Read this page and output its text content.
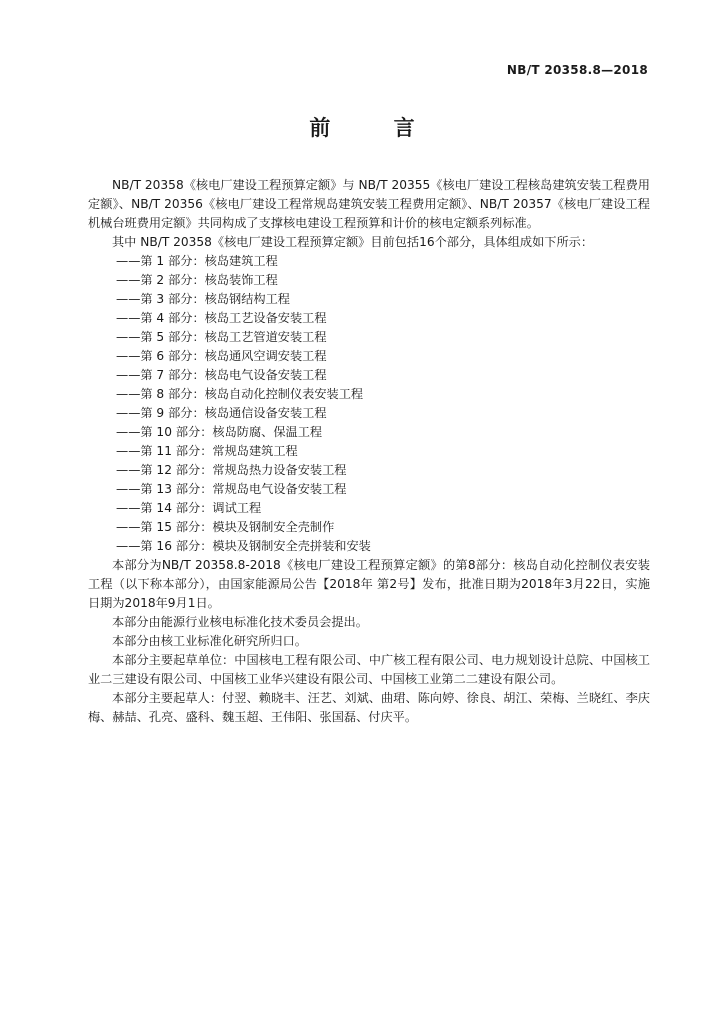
NB/T 20358.8—2018
前 言

NB/T 20358《核电厂建设工程预算定额》与 NB/T 20355《核电厂建设工程核岛建筑安装工程费用定额》、NB/T 20356《核电厂建设工程常规岛建筑安装工程费用定额》、NB/T 20357《核电厂建设工程机械台班费用定额》共同构成了支撑核电建设工程预算和计价的核电定额系列标准。

其中 NB/T 20358《核电厂建设工程预算定额》目前包括16个部分，具体组成如下所示：

——第 1 部分：核岛建筑工程
——第 2 部分：核岛装饰工程
——第 3 部分：核岛钢结构工程
——第 4 部分：核岛工艺设备安装工程
——第 5 部分：核岛工艺管道安装工程
——第 6 部分：核岛通风空调安装工程
——第 7 部分：核岛电气设备安装工程
——第 8 部分：核岛自动化控制仪表安装工程
——第 9 部分：核岛通信设备安装工程
——第 10 部分：核岛防腐、保温工程
——第 11 部分：常规岛建筑工程
——第 12 部分：常规岛热力设备安装工程
——第 13 部分：常规岛电气设备安装工程
——第 14 部分：调试工程
——第 15 部分：模块及钢制安全壳制作
——第 16 部分：模块及钢制安全壳拼装和安装

本部分为NB/T 20358.8-2018《核电厂建设工程预算定额》的第8部分：核岛自动化控制仪表安装工程（以下称本部分），由国家能源局公告【2018年 第2号】发布，批准日期为2018年3月22日，实施日期为2018年9月1日。

本部分由能源行业核电标准化技术委员会提出。

本部分由核工业标准化研究所归口。

本部分主要起草单位：中国核电工程有限公司、中广核工程有限公司、电力规划设计总院、中国核工业二三建设有限公司、中国核工业华兴建设有限公司、中国核工业第二二建设有限公司。

本部分主要起草人：付翌、赖晓丰、汪艺、刘斌、曲珺、陈向婷、徐良、胡江、荣梅、兰晓红、李庆梅、赫喆、孔亮、盛科、魏玉超、王伟阳、张国磊、付庆平。
